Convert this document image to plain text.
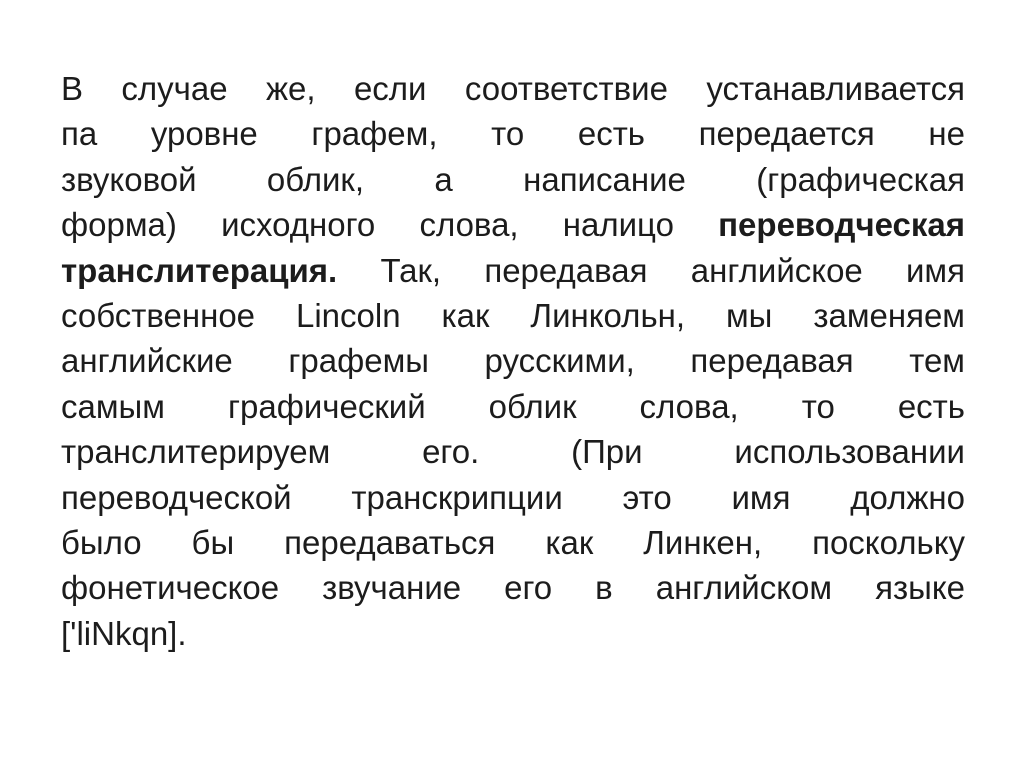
В случае же, если соответствие устанавливается
па уровне графем, то есть передается не
звуковой облик, а написание (графическая
форма) исходного слова, налицо переводческая
транслитерация. Так, передавая английское имя
собственное Lincoln как Линкольн, мы заменяем
английские графемы русскими, передавая тем
самым графический облик слова, то есть
транслитерируем его. (При использовании
переводческой транскрипции это имя должно
было бы передаваться как Линкен, поскольку
фонетическое звучание его в английском языке
['liNkqn].
